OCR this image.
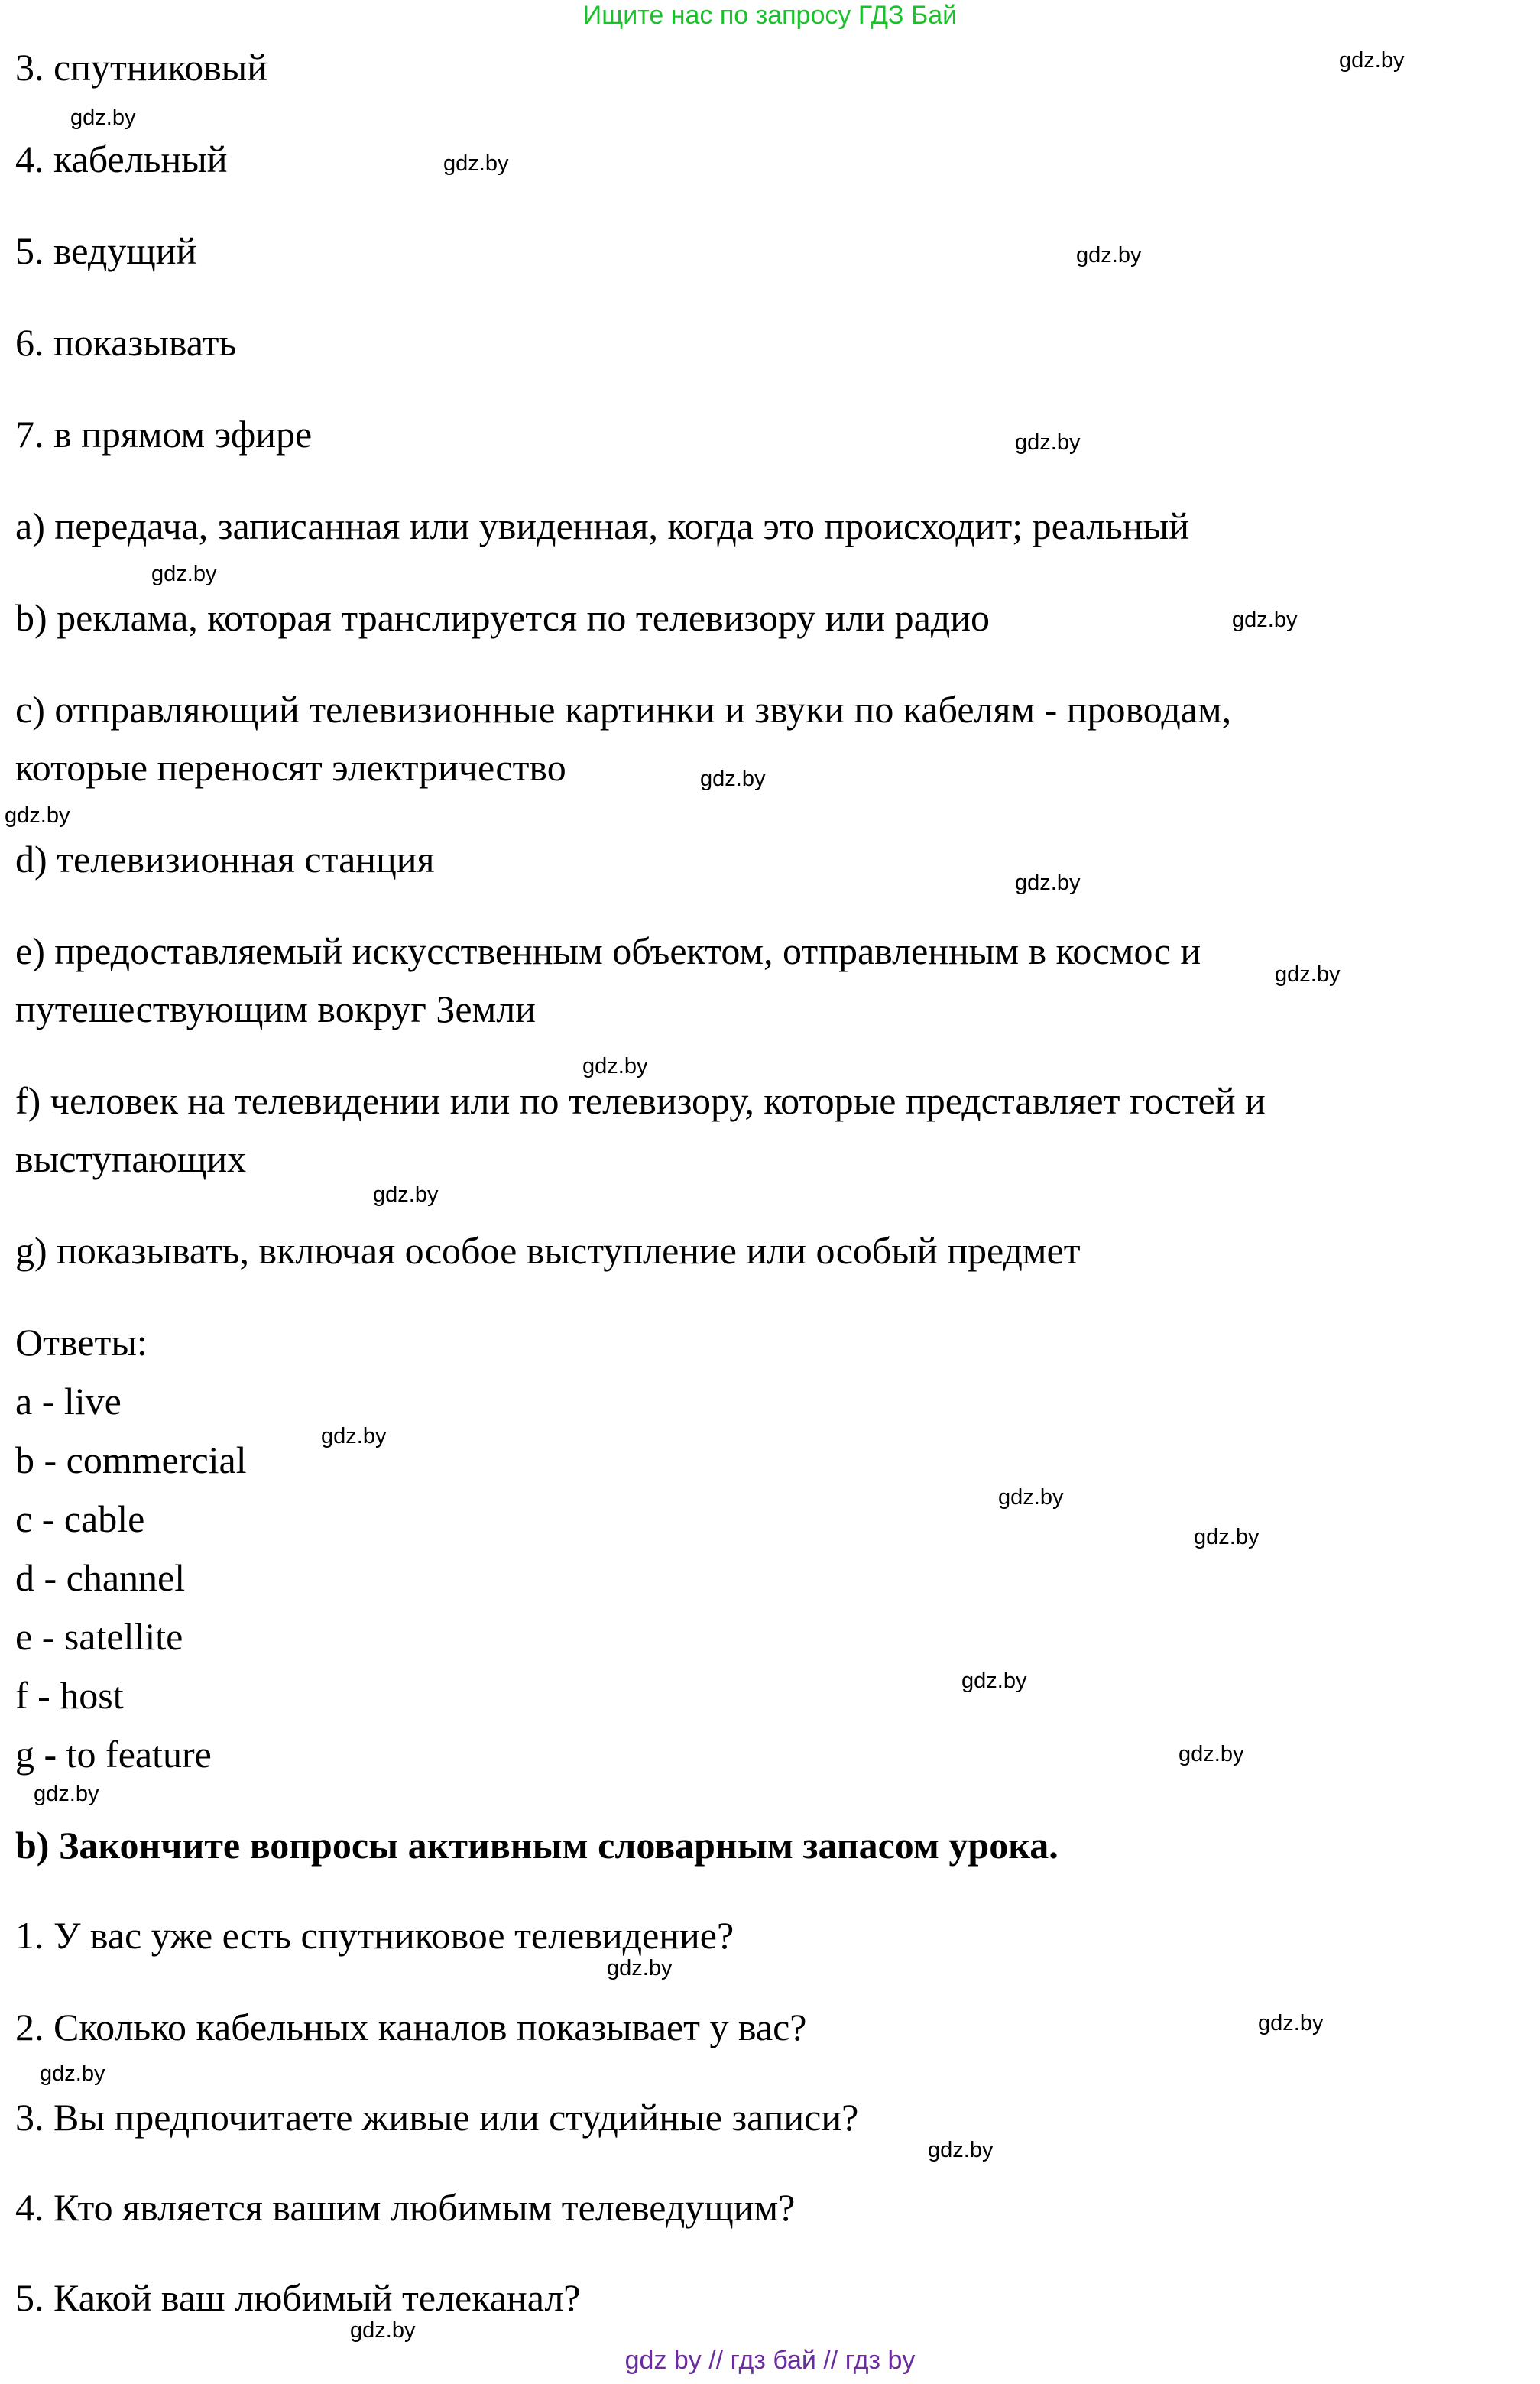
Ищите нас по запросу ГДЗ Бай
3. спутниковый
4. кабельный
5. ведущий
6. показывать
7. в прямом эфире
a) передача, записанная или увиденная, когда это происходит; реальный
b) реклама, которая транслируется по телевизору или радио
c) отправляющий телевизионные картинки и звуки по кабелям - проводам,
которые переносят электричество
d) телевизионная станция
e) предоставляемый искусственным объектом, отправленным в космос и
путешествующим вокруг Земли
f) человек на телевидении или по телевизору, которые представляет гостей и
выступающих
g) показывать, включая особое выступление или особый предмет
Ответы:
a - live
b - commercial
c - cable
d - channel
e - satellite
f - host
g - to feature
b) Закончите вопросы активным словарным запасом урока.
1. У вас уже есть спутниковое телевидение?
2. Сколько кабельных каналов показывает у вас?
3. Вы предпочитаете живые или студийные записи?
4. Кто является вашим любимым телеведущим?
5. Какой ваш любимый телеканал?
gdz.by
gdz.by
gdz.by
gdz.by
gdz.by
gdz.by
gdz.by
gdz.by
gdz.by
gdz.by
gdz.by
gdz.by
gdz.by
gdz.by
gdz.by
gdz.by
gdz.by
gdz.by
gdz.by
gdz.by
gdz.by
gdz.by
gdz.by
gdz.by
gdz by // гдз бай // гдз by
